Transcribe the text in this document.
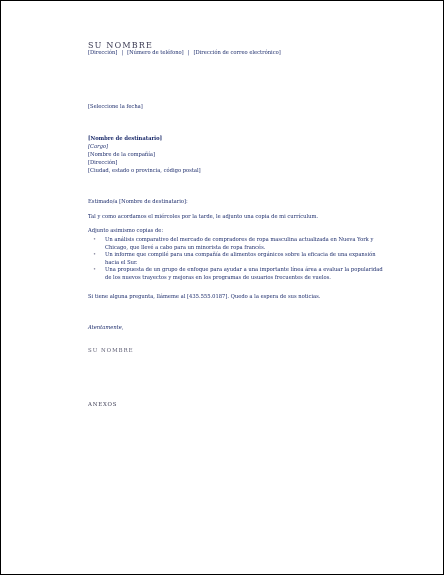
SU NOMBRE
[Dirección] | [Número de teléfono] | [Dirección de correo electrónico]
[Seleccione la fecha]
[Nombre de destinatario]
[Cargo]
[Nombre de la compañía]
[Dirección]
[Ciudad, estado o provincia, código postal]
Estimado/a [Nombre de destinatario]:
Tal y como acordamos el miércoles por la tarde, le adjunto una copia de mi currículum.
Adjunto asimismo copias de:
• Un análisis comparativo del mercado de compradores de ropa masculina actualizada en Nueva York y Chicago, que llevé a cabo para un minorista de ropa francés.
• Un informe que compilé para una compañía de alimentos orgánicos sobre la eficacia de una expansión hacia el Sur.
• Una propuesta de un grupo de enfoque para ayudar a una importante línea área a evaluar la popularidad de los nuevos trayectos y mejoras en los programas de usuarios frecuentes de vuelos.
Si tiene alguna pregunta, llámeme al [435.555.0187]. Quedo a la espera de sus noticias.
Atentamente,
SU NOMBRE
ANEXOS
